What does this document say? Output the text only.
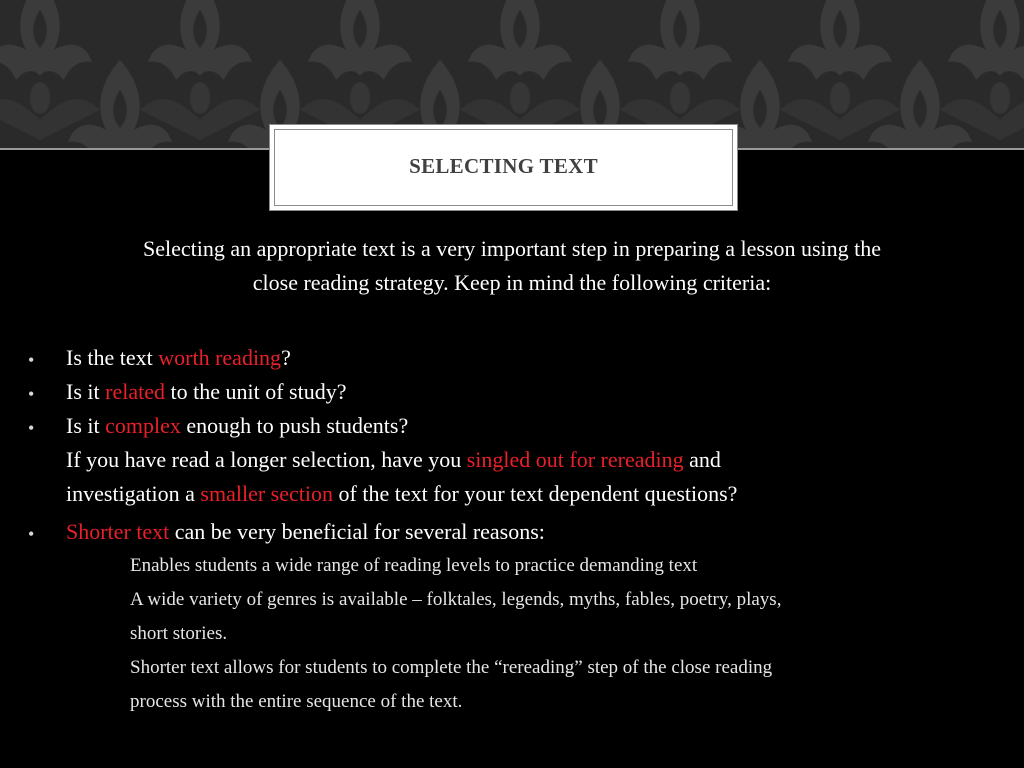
SELECTING TEXT
Selecting an appropriate text is a very important step in preparing a lesson using the
close reading strategy. Keep in mind the following criteria:
• Is the text worth reading?
• Is it related to the unit of study?
• Is it complex enough to push students?
If you have read a longer selection, have you singled out for rereading and
investigation a smaller section of the text for your text dependent questions?
• Shorter text can be very beneficial for several reasons:
Enables students a wide range of reading levels to practice demanding text
A wide variety of genres is available – folktales, legends, myths, fables, poetry, plays,
short stories.
Shorter text allows for students to complete the “rereading” step of the close reading
process with the entire sequence of the text.
